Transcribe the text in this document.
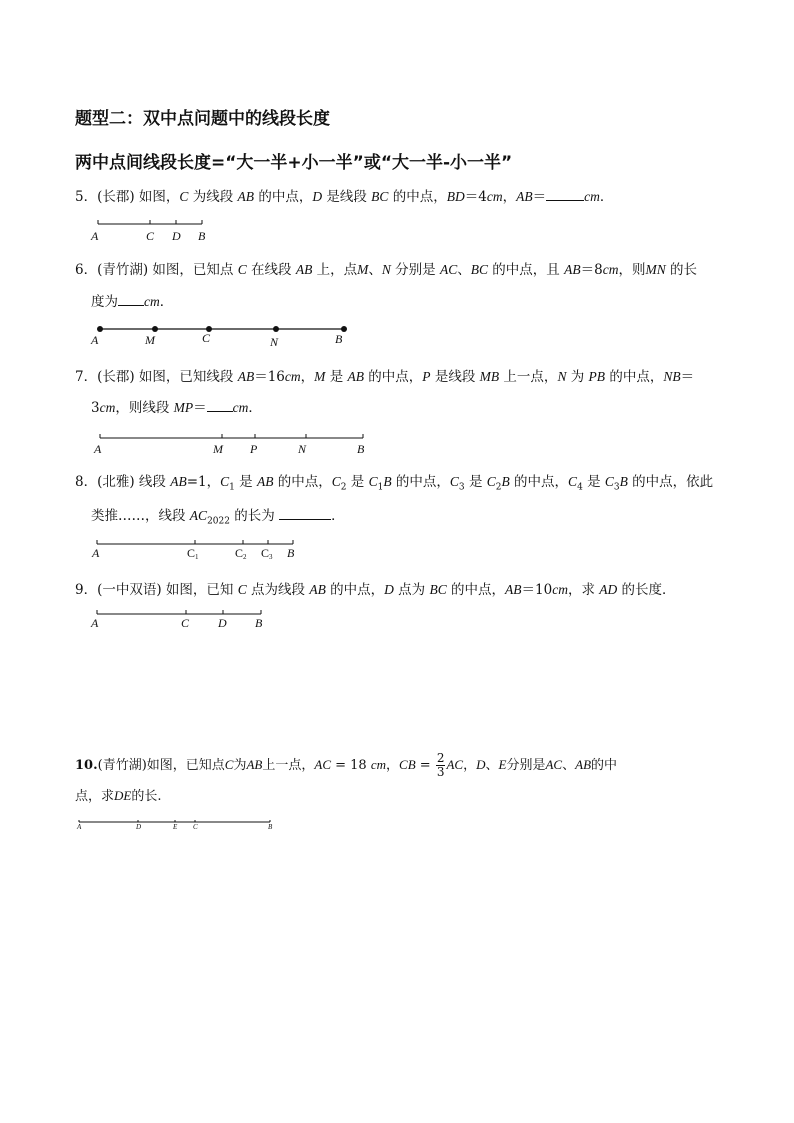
题型二：双中点问题中的线段长度
两中点间线段长度=“大一半+小一半”或“大一半-小一半”
5．(长郡) 如图，C 为线段 AB 的中点，D 是线段 BC 的中点，BD＝4cm，AB＝	cm．
A	C D B
6．(青竹湖) 如图，已知点 C 在线段 AB 上，点M、N 分别是 AC、BC 的中点，且 AB＝8cm，则MN 的长
度为 cm．
A	M	C	N	B
7．(长郡) 如图，已知线段 AB＝16cm，M 是 AB 的中点，P 是线段 MB 上一点，N 为 PB 的中点，NB＝
3cm，则线段 MP＝ cm．
A	M P	N	B
8．(北雅) 线段 AB=1，$C_1$ 是 AB 的中点，$C_2$ 是 $C_1B$ 的中点，$C_3$ 是 $C_2B$ 的中点，$C_4$ 是 $C_3B$ 的中点，依此
类推……，线段 $AC_{2022}$ 的长为	．
A	C1	C2 C3 B
9．(一中双语) 如图，已知 C 点为线段 AB 的中点，D 点为 BC 的中点，AB＝10cm，求 AD 的长度．
A	C D B
10.(青竹湖)如图，已知点C为AB上一点，AC = 18 cm，CB = $\frac{2}{3}$ AC，D、E分别是AC、AB的中
点，求DE的长.
A	D	E C	B
